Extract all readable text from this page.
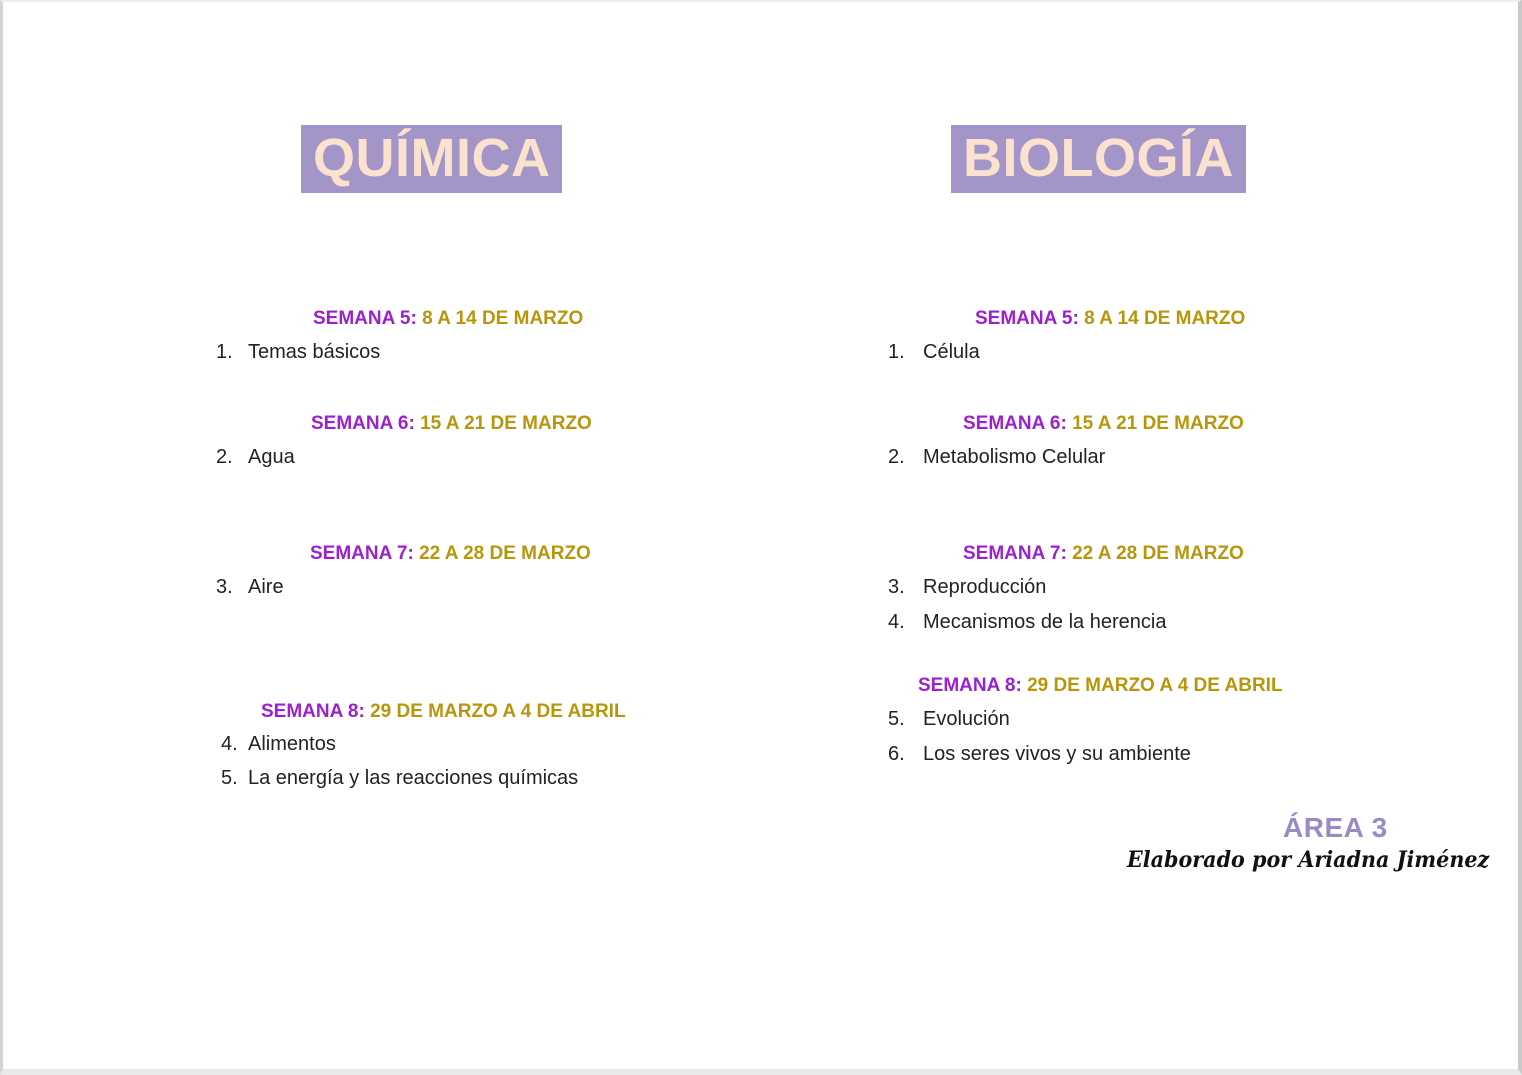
QUÍMICA
SEMANA 5: 8 A 14 DE MARZO
1. Temas básicos
SEMANA 6: 15 A 21 DE MARZO
2. Agua
SEMANA 7: 22 A 28 DE MARZO
3. Aire
SEMANA 8: 29 DE MARZO A 4 DE ABRIL
4. Alimentos
5. La energía y las reacciones químicas
BIOLOGÍA
SEMANA 5: 8 A 14 DE MARZO
1. Célula
SEMANA 6: 15 A 21 DE MARZO
2. Metabolismo Celular
SEMANA 7: 22 A 28 DE MARZO
3. Reproducción
4. Mecanismos de la herencia
SEMANA 8: 29 DE MARZO A 4 DE ABRIL
5. Evolución
6. Los seres vivos y su ambiente
ÁREA 3
Elaborado por Ariadna Jiménez
